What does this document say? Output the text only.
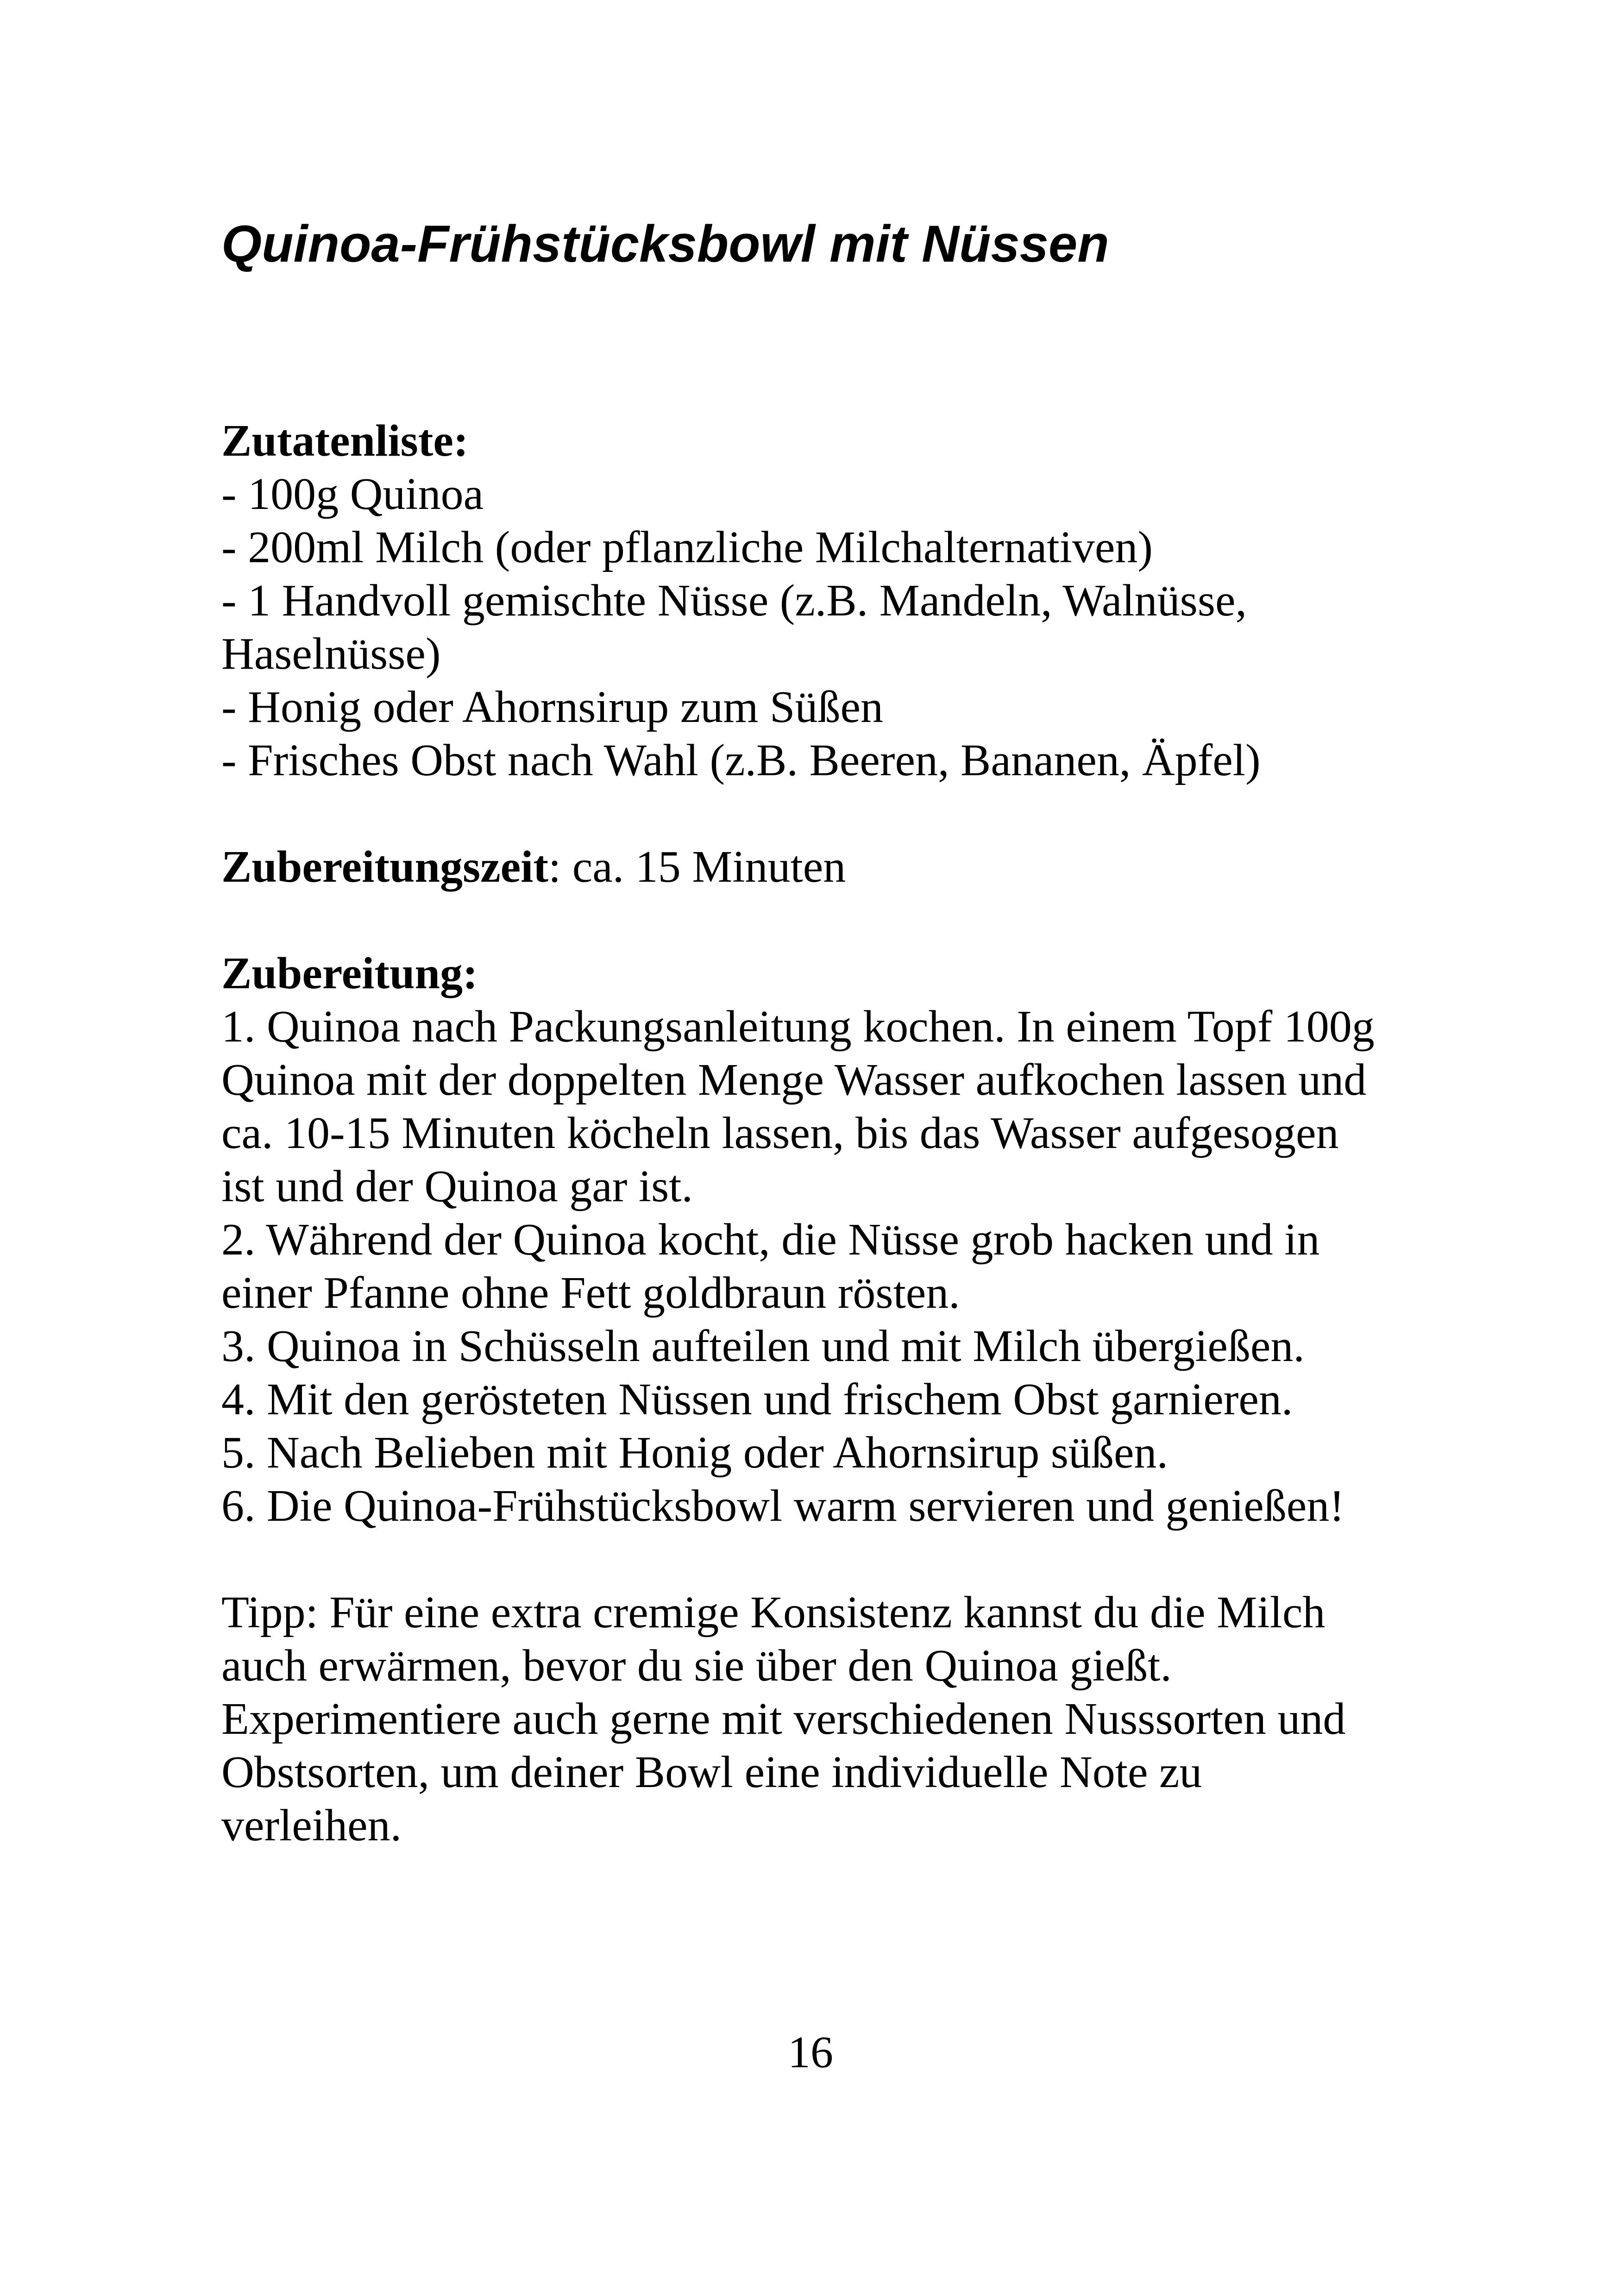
Quinoa-Frühstücksbowl mit Nüssen
Zutatenliste:
- 100g Quinoa
- 200ml Milch (oder pflanzliche Milchalternativen)
- 1 Handvoll gemischte Nüsse (z.B. Mandeln, Walnüsse,
Haselnüsse)
- Honig oder Ahornsirup zum Süßen
- Frisches Obst nach Wahl (z.B. Beeren, Bananen, Äpfel)
Zubereitungszeit: ca. 15 Minuten
Zubereitung:
1. Quinoa nach Packungsanleitung kochen. In einem Topf 100g
Quinoa mit der doppelten Menge Wasser aufkochen lassen und
ca. 10-15 Minuten köcheln lassen, bis das Wasser aufgesogen
ist und der Quinoa gar ist.
2. Während der Quinoa kocht, die Nüsse grob hacken und in
einer Pfanne ohne Fett goldbraun rösten.
3. Quinoa in Schüsseln aufteilen und mit Milch übergießen.
4. Mit den gerösteten Nüssen und frischem Obst garnieren.
5. Nach Belieben mit Honig oder Ahornsirup süßen.
6. Die Quinoa-Frühstücksbowl warm servieren und genießen!
Tipp: Für eine extra cremige Konsistenz kannst du die Milch
auch erwärmen, bevor du sie über den Quinoa gießt.
Experimentiere auch gerne mit verschiedenen Nusssorten und
Obstsorten, um deiner Bowl eine individuelle Note zu
verleihen.
16
